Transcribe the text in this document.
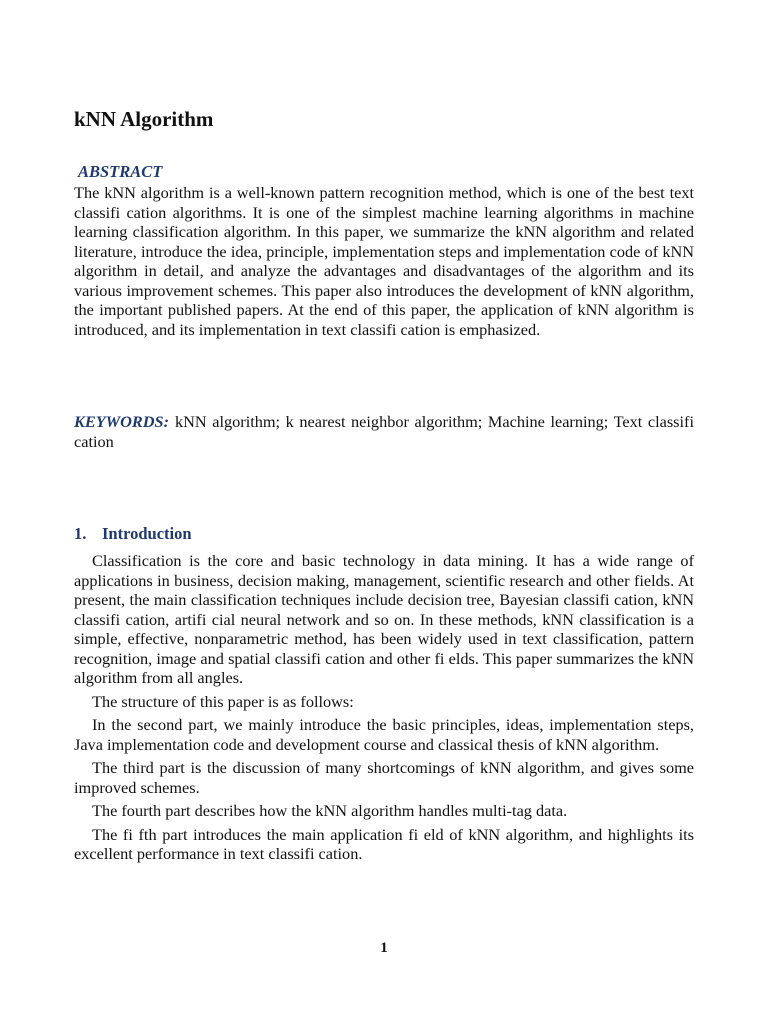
kNN Algorithm
ABSTRACT

The kNN algorithm is a well-known pattern recognition method, which is one of the best text classifi cation algorithms. It is one of the simplest machine learning algorithms in machine learning classification algorithm. In this paper, we summarize the kNN algorithm and related literature, introduce the idea, principle, implementation steps and implementation code of kNN algorithm in detail, and analyze the advantages and disadvantages of the algorithm and its various improvement schemes. This paper also introduces the development of kNN algorithm, the important published papers. At the end of this paper, the application of kNN algorithm is introduced, and its implementation in text classifi cation is emphasized.

KEYWORDS: kNN algorithm; k nearest neighbor algorithm; Machine learning; Text classifi cation

1. Introduction

Classification is the core and basic technology in data mining. It has a wide range of applications in business, decision making, management, scientific research and other fields. At present, the main classification techniques include decision tree, Bayesian classifi cation, kNN classifi cation, artifi cial neural network and so on. In these methods, kNN classification is a simple, effective, nonparametric method, has been widely used in text classification, pattern recognition, image and spatial classifi cation and other fi elds. This paper summarizes the kNN algorithm from all angles.

The structure of this paper is as follows:

In the second part, we mainly introduce the basic principles, ideas, implementation steps, Java implementation code and development course and classical thesis of kNN algorithm.

The third part is the discussion of many shortcomings of kNN algorithm, and gives some improved schemes.

The fourth part describes how the kNN algorithm handles multi-tag data.

The fi fth part introduces the main application fi eld of kNN algorithm, and highlights its excellent performance in text classifi cation.

1
